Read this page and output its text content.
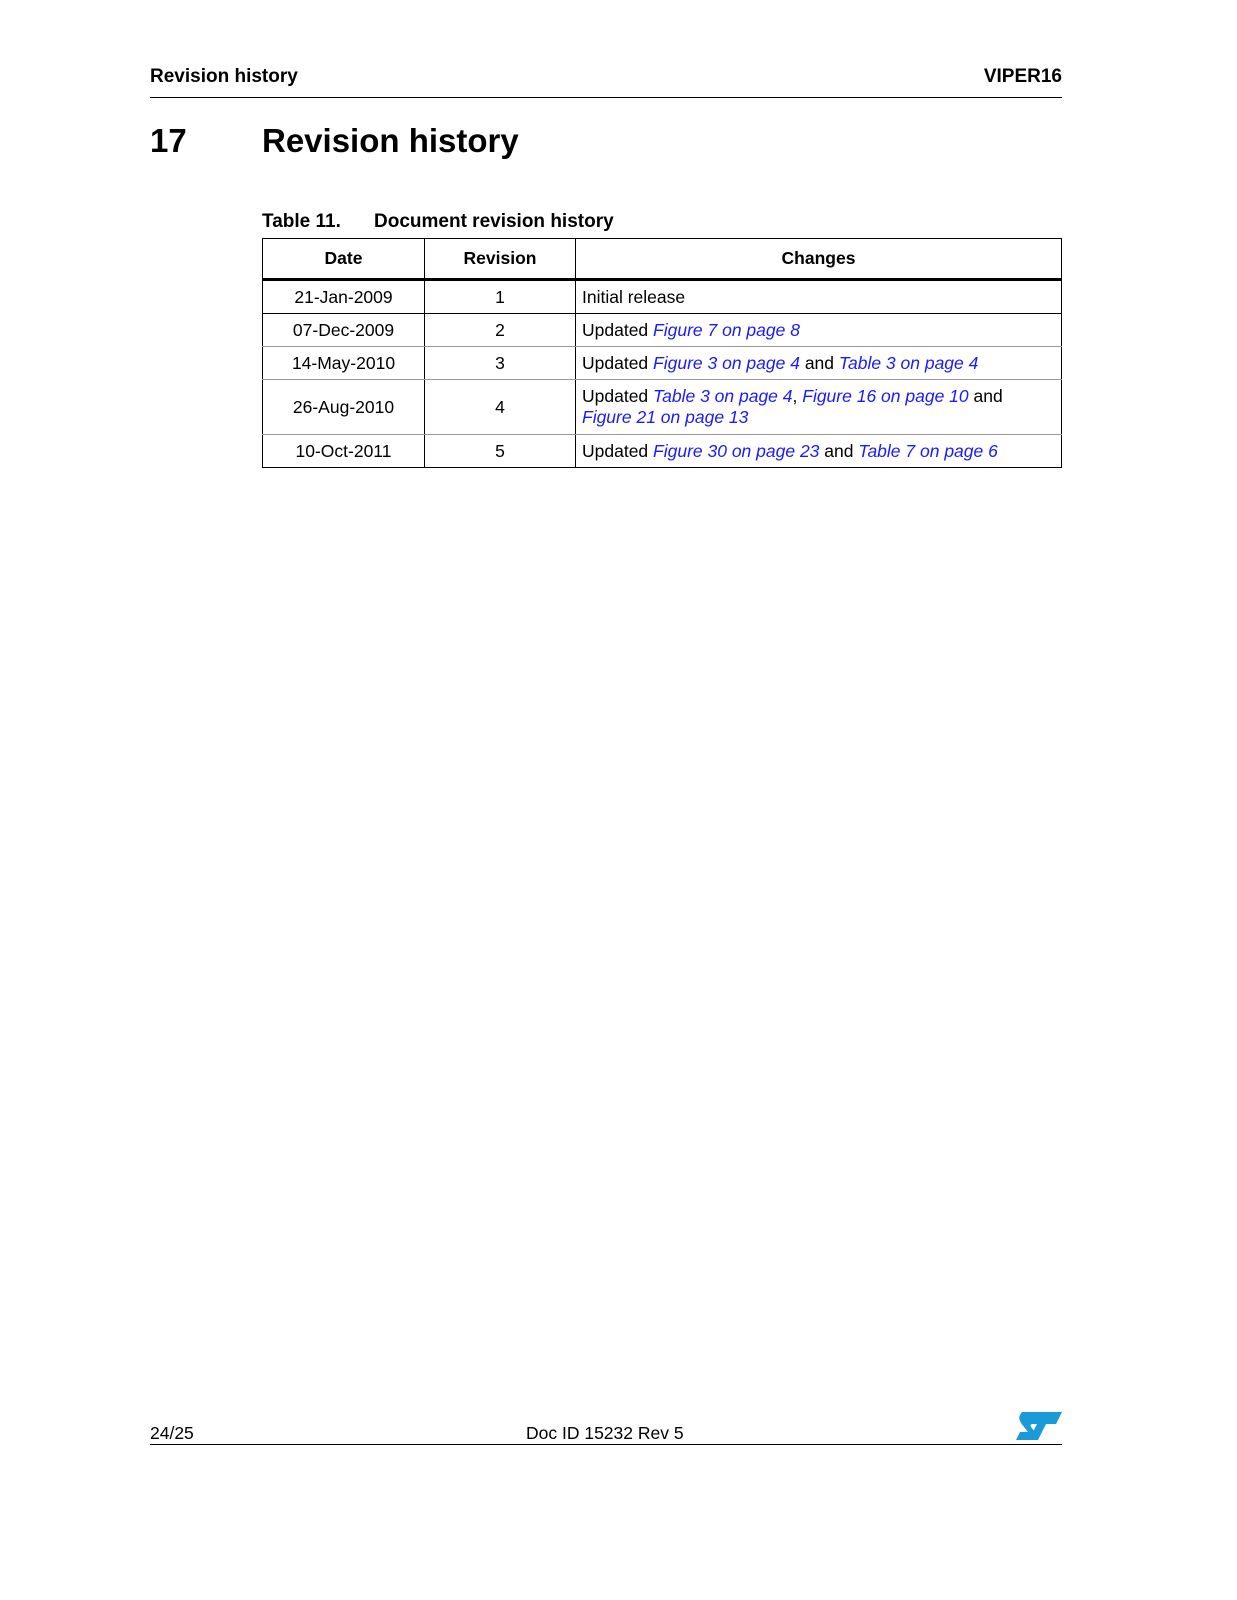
Revision history	VIPER16
17 Revision history
Table 11. Document revision history
Date	Revision	Changes
21-Jan-2009	1	Initial release
07-Dec-2009	2	Updated Figure 7 on page 8
14-May-2010	3	Updated Figure 3 on page 4 and Table 3 on page 4
26-Aug-2010	4	Updated Table 3 on page 4, Figure 16 on page 10 and
Figure 21 on page 13
10-Oct-2011	5	Updated Figure 30 on page 23 and Table 7 on page 6
24/25	Doc ID 15232 Rev 5
